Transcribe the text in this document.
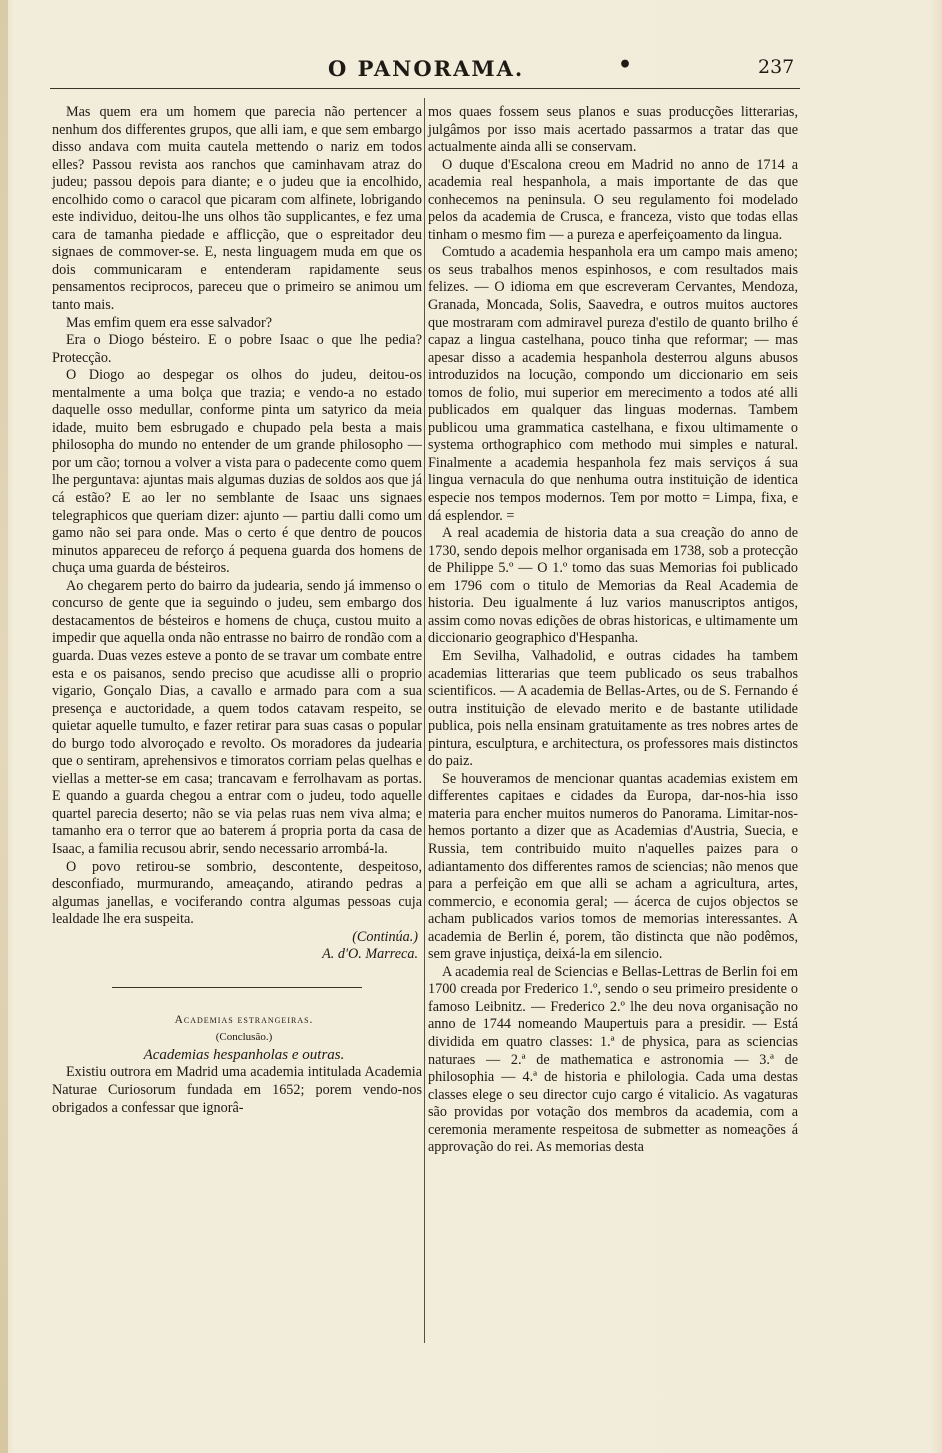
O PANORAMA.	•	237

Mas quem era um homem que parecia não pertencer a nenhum dos differentes grupos, que alli iam, e que sem embargo disso andava com muita cautela mettendo o nariz em todos elles? Passou revista aos ranchos que caminhavam atraz do judeu; passou depois para diante; e o judeu que ia encolhido, encolhido como o caracol que picaram com alfinete, lobrigando este individuo, deitou-lhe uns olhos tão supplicantes, e fez uma cara de tamanha piedade e afflicção, que o espreitador deu signaes de commover-se. E, nesta linguagem muda em que os dois communicaram e entenderam rapidamente seus pensamentos reciprocos, pareceu que o primeiro se animou um tanto mais.

Mas emfim quem era esse salvador?

Era o Diogo bésteiro. E o pobre Isaac o que lhe pedia? Protecção.

O Diogo ao despegar os olhos do judeu, deitou-os mentalmente a uma bolça que trazia; e vendo-a no estado daquelle osso medullar, conforme pinta um satyrico da meia idade, muito bem esbrugado e chupado pela besta a mais philosopha do mundo no entender de um grande philosopho — por um cão; tornou a volver a vista para o padecente como quem lhe perguntava: ajuntas mais algumas duzias de soldos aos que já cá estão? E ao ler no semblante de Isaac uns signaes telegraphicos que queriam dizer: ajunto — partiu dalli como um gamo não sei para onde. Mas o certo é que dentro de poucos minutos appareceu de reforço á pequena guarda dos homens de chuça uma guarda de bésteiros.

Ao chegarem perto do bairro da judearia, sendo já immenso o concurso de gente que ia seguindo o judeu, sem embargo dos destacamentos de bésteiros e homens de chuça, custou muito a impedir que aquella onda não entrasse no bairro de rondão com a guarda. Duas vezes esteve a ponto de se travar um combate entre esta e os paisanos, sendo preciso que acudisse alli o proprio vigario, Gonçalo Dias, a cavallo e armado para com a sua presença e auctoridade, a quem todos catavam respeito, se quietar aquelle tumulto, e fazer retirar para suas casas o popular do burgo todo alvoroçado e revolto. Os moradores da judearia que o sentiram, aprehensivos e timoratos corriam pelas quelhas e viellas a metter-se em casa; trancavam e ferrolhavam as portas. E quando a guarda chegou a entrar com o judeu, todo aquelle quartel parecia deserto; não se via pelas ruas nem viva alma; e tamanho era o terror que ao baterem á propria porta da casa de Isaac, a familia recusou abrir, sendo necessario arrombá-la.

O povo retirou-se sombrio, descontente, despeitoso, desconfiado, murmurando, ameaçando, atirando pedras a algumas janellas, e vociferando contra algumas pessoas cuja lealdade lhe era suspeita.

(Continúa.)

A. d'O. Marreca.

Academias estrangeiras.

(Conclusão.)

Academias hespanholas e outras.

Existiu outrora em Madrid uma academia intitulada Academia Naturae Curiosorum fundada em 1652; porem vendo-nos obrigados a confessar que ignorâ-

mos quaes fossem seus planos e suas producções litterarias, julgâmos por isso mais acertado passarmos a tratar das que actualmente ainda alli se conservam.

O duque d'Escalona creou em Madrid no anno de 1714 a academia real hespanhola, a mais importante de das que conhecemos na peninsula. O seu regulamento foi modelado pelos da academia de Crusca, e franceza, visto que todas ellas tinham o mesmo fim — a pureza e aperfeiçoamento da lingua.

Comtudo a academia hespanhola era um campo mais ameno; os seus trabalhos menos espinhosos, e com resultados mais felizes. — O idioma em que escreveram Cervantes, Mendoza, Granada, Moncada, Solis, Saavedra, e outros muitos auctores que mostraram com admiravel pureza d'estilo de quanto brilho é capaz a lingua castelhana, pouco tinha que reformar; — mas apesar disso a academia hespanhola desterrou alguns abusos introduzidos na locução, compondo um diccionario em seis tomos de folio, mui superior em merecimento a todos até alli publicados em qualquer das linguas modernas. Tambem publicou uma grammatica castelhana, e fixou ultimamente o systema orthographico com methodo mui simples e natural. Finalmente a academia hespanhola fez mais serviços á sua lingua vernacula do que nenhuma outra instituição de identica especie nos tempos modernos. Tem por motto = Limpa, fixa, e dá esplendor. =

A real academia de historia data a sua creação do anno de 1730, sendo depois melhor organisada em 1738, sob a protecção de Philippe 5.º — O 1.º tomo das suas Memorias foi publicado em 1796 com o titulo de Memorias da Real Academia de historia. Deu igualmente á luz varios manuscriptos antigos, assim como novas edições de obras historicas, e ultimamente um diccionario geographico d'Hespanha.

Em Sevilha, Valhadolid, e outras cidades ha tambem academias litterarias que teem publicado os seus trabalhos scientificos. — A academia de Bellas-Artes, ou de S. Fernando é outra instituição de elevado merito e de bastante utilidade publica, pois nella ensinam gratuitamente as tres nobres artes de pintura, esculptura, e architectura, os professores mais distinctos do paiz.

Se houveramos de mencionar quantas academias existem em differentes capitaes e cidades da Europa, dar-nos-hia isso materia para encher muitos numeros do Panorama. Limitar-nos-hemos portanto a dizer que as Academias d'Austria, Suecia, e Russia, tem contribuido muito n'aquelles paizes para o adiantamento dos differentes ramos de sciencias; não menos que para a perfeição em que alli se acham a agricultura, artes, commercio, e economia geral; — ácerca de cujos objectos se acham publicados varios tomos de memorias interessantes. A academia de Berlin é, porem, tão distincta que não podêmos, sem grave injustiça, deixá-la em silencio.

A academia real de Sciencias e Bellas-Lettras de Berlin foi em 1700 creada por Frederico 1.º, sendo o seu primeiro presidente o famoso Leibnitz. — Frederico 2.º lhe deu nova organisação no anno de 1744 nomeando Maupertuis para a presidir. — Está dividida em quatro classes: 1.ª de physica, para as sciencias naturaes — 2.ª de mathematica e astronomia — 3.ª de philosophia — 4.ª de historia e philologia. Cada uma destas classes elege o seu director cujo cargo é vitalicio. As vagaturas são providas por votação dos membros da academia, com a ceremonia meramente respeitosa de submetter as nomeações á approvação do rei. As memorias desta
